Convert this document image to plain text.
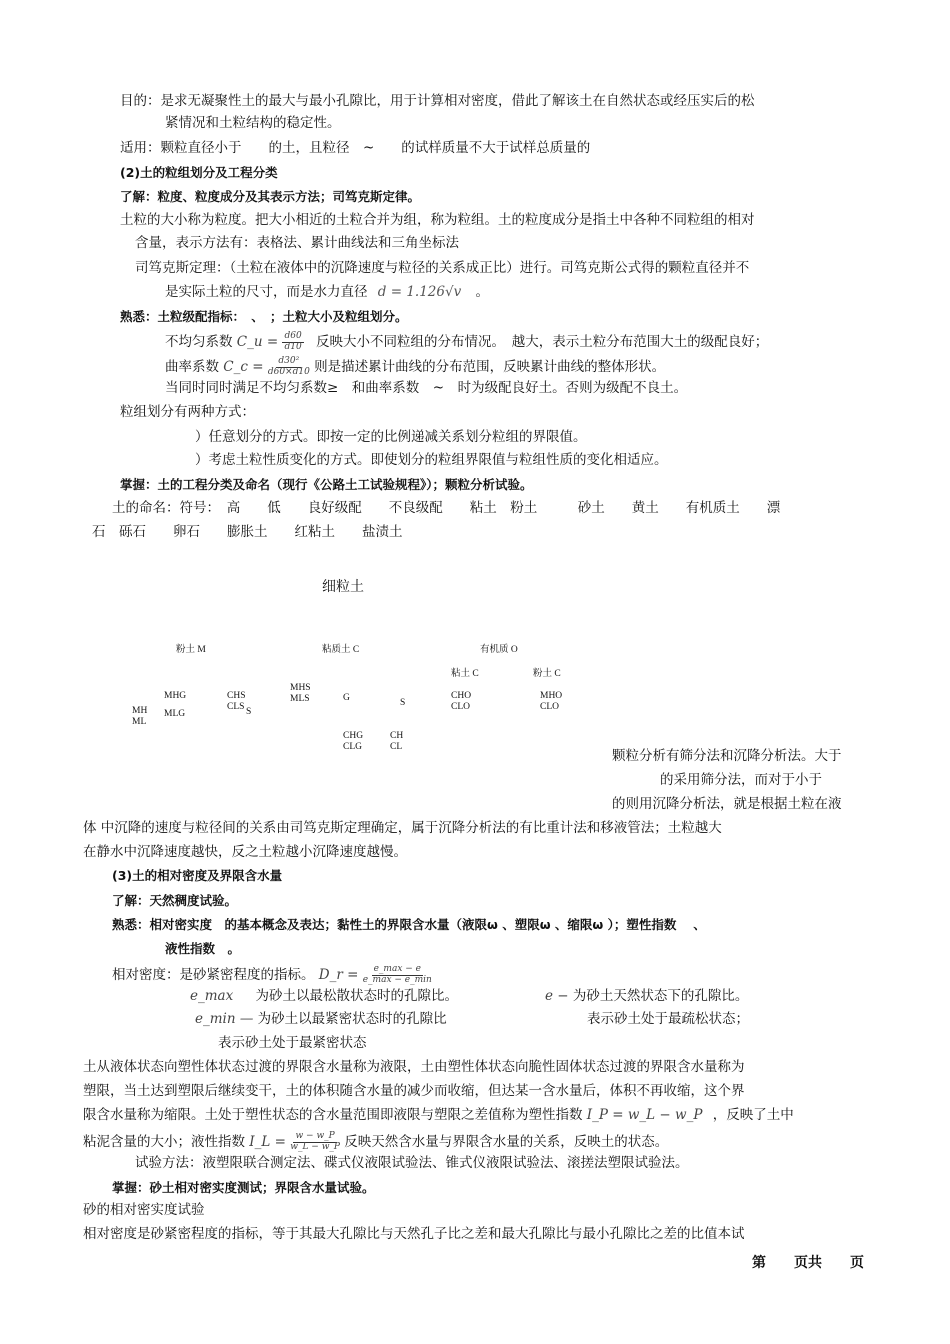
目的：是求无凝聚性土的最大与最小孔隙比，用于计算相对密度，借此了解该土在自然状态或经压实后的松
紧情况和土粒结构的稳定性。
适用：颗粒直径小于　　的土，且粒径　~　　的试样质量不大于试样总质量的
(2)土的粒组划分及工程分类
了解：粒度、粒度成分及其表示方法；司笃克斯定律。
土粒的大小称为粒度。把大小相近的土粒合并为组，称为粒组。土的粒度成分是指土中各种不同粒组的相对
含量，表示方法有：表格法、累计曲线法和三角坐标法
司笃克斯定理：（土粒在液体中的沉降速度与粒径的关系成正比）进行。司笃克斯公式得的颗粒直径并不
是实际土粒的尺寸，而是水力直径 d = 1.126√v 。
熟悉：土粒级配指标：　、　；土粒大小及粒组划分。
不均匀系数 C_u = $\frac{d60}{d10}$ 反映大小不同粒组的分布情况。　越大，表示土粒分布范围大土的级配良好；
曲率系数 C_c = $\frac{\text{d30²}}{d60\times d10}$ 则是描述累计曲线的分布范围，反映累计曲线的整体形状。
当同时同时满足不均匀系数≥　和曲率系数　~　时为级配良好土。否则为级配不良土。
粒组划分有两种方式：
）任意划分的方式。即按一定的比例递减关系划分粒组的界限值。
）考虑土粒性质变化的方式。即使划分的粒组界限值与粒组性质的变化相适应。
掌握：土的工程分类及命名（现行《公路土工试验规程》）；颗粒分析试验。
土的命名：符号：　高　　低　　良好级配　　不良级配　　粘土　粉土　　　砂土　　黄土　　有机质土　　漂
石　砾石　　卵石　　膨胀土　　红粘土　　盐渍土
细粒土
粉土 M	粘质土 C	有机质 O
粘土 C	粉土 C
MHG
MLG
MH
ML
CHS
CLS
S
MHS
MLS	G	S
CHO
CLO
MHO
CLO
CHG
CLG
CH
CL
颗粒分析有筛分法和沉降分析法。大于
的采用筛分法，而对于小于
的则用沉降分析法，就是根据土粒在液
体 中沉降的速度与粒径间的关系由司笃克斯定理确定，属于沉降分析法的有比重计法和移液管法；土粒越大
在静水中沉降速度越快，反之土粒越小沉降速度越慢。
(3)土的相对密度及界限含水量
了解：天然稠度试验。
熟悉：相对密实度　的基本概念及表达；黏性土的界限含水量（液限ω 、塑限ω 、缩限ω ）；塑性指数　 、
液性指数　。
相对密度：是砂紧密程度的指标。 D_r = $\frac{e\_\max - e}{e\_\max - e\_\min}$
e_max 为砂土以最松散状态时的孔隙比。	e − 为砂土天然状态下的孔隙比。
e_min — 为砂土以最紧密状态时的孔隙比	表示砂土处于最疏松状态；
表示砂土处于最紧密状态
土从液体状态向塑性体状态过渡的界限含水量称为液限，土由塑性体状态向脆性固体状态过渡的界限含水量称为
塑限，当土达到塑限后继续变干，土的体积随含水量的减少而收缩，但达某一含水量后，体积不再收缩，这个界
限含水量称为缩限。土处于塑性状态的含水量范围即液限与塑限之差值称为塑性指数 I_P = w_L − w_P ，反映了土中
粘泥含量的大小；液性指数 I_L = $\frac{w - w\_P}{w\_L - w\_P}$ 反映天然含水量与界限含水量的关系，反映土的状态。
试验方法：液塑限联合测定法、碟式仪液限试验法、锥式仪液限试验法、滚搓法塑限试验法。
掌握：砂土相对密实度测试；界限含水量试验。
砂的相对密实度试验
相对密度是砂紧密程度的指标，等于其最大孔隙比与天然孔子比之差和最大孔隙比与最小孔隙比之差的比值本试
第　　页共　　页
